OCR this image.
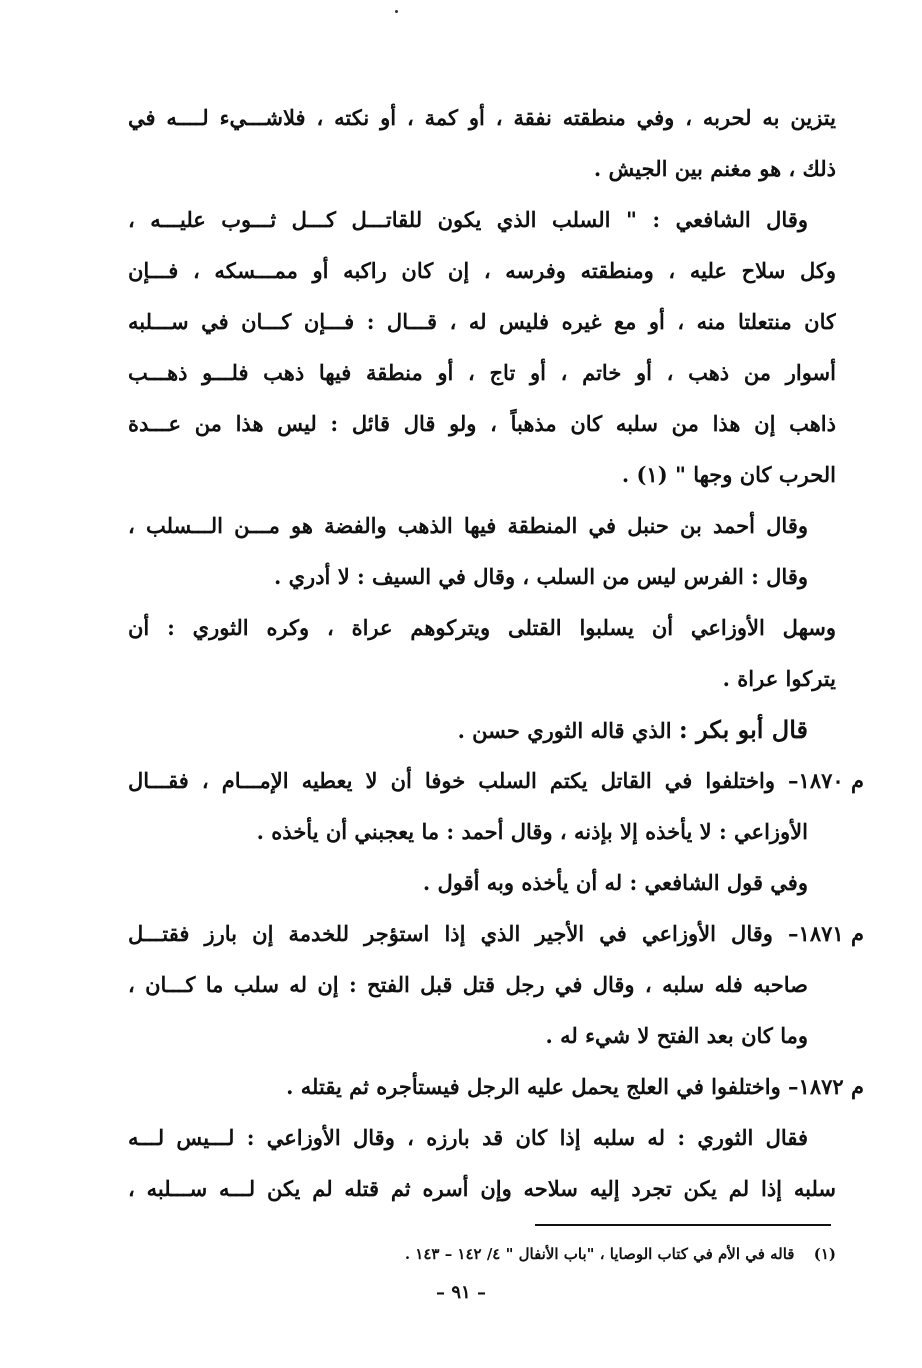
يتزين به لحربه ، وفي منطقته نفقة ، أو كمة ، أو نكته ، فلاشـــيء لــــه في
ذلك ، هو مغنم بين الجيش .
وقال الشافعي : " السلب الذي يكون للقاتـــل كـــل ثـــوب عليـــه ،
وكل سلاح عليه ، ومنطقته وفرسه ، إن كان راكبه أو ممـــسكه ، فـــإن
كان منتعلتا منه ، أو مع غيره فليس له ، قـــال : فـــإن كـــان في ســـلبه
أسوار من ذهب ، أو خاتم ، أو تاج ، أو منطقة فيها ذهب فلـــو ذهـــب
ذاهب إن هذا من سلبه كان مذهباً ، ولو قال قائل : ليس هذا من عـــدة
الحرب كان وجها " (١) .
وقال أحمد بن حنبل في المنطقة فيها الذهب والفضة هو مـــن الـــسلب ،
وقال : الفرس ليس من السلب ، وقال في السيف : لا أدري .
وسهل الأوزاعي أن يسلبوا القتلى ويتركوهم عراة ، وكره الثوري : أن
يتركوا عراة .
قال أبو بكر : الذي قاله الثوري حسن .
م ١٨٧٠– واختلفوا في القاتل يكتم السلب خوفا أن لا يعطيه الإمـــام ، فقـــال
الأوزاعي : لا يأخذه إلا بإذنه ، وقال أحمد : ما يعجبني أن يأخذه .
وفي قول الشافعي : له أن يأخذه وبه أقول .
م ١٨٧١– وقال الأوزاعي في الأجير الذي إذا استؤجر للخدمة إن بارز فقتـــل
صاحبه فله سلبه ، وقال في رجل قتل قبل الفتح : إن له سلب ما كـــان ،
وما كان بعد الفتح لا شيء له .
م ١٨٧٢– واختلفوا في العلج يحمل عليه الرجل فيستأجره ثم يقتله .
فقال الثوري : له سلبه إذا كان قد بارزه ، وقال الأوزاعي : لـــيس لـــه
سلبه إذا لم يكن تجرد إليه سلاحه وإن أسره ثم قتله لم يكن لـــه ســـلبه ،
(١) قاله في الأم في كتاب الوصايا ، "باب الأنفال " ٤/ ١٤٢ – ١٤٣ .
– ٩١ –
